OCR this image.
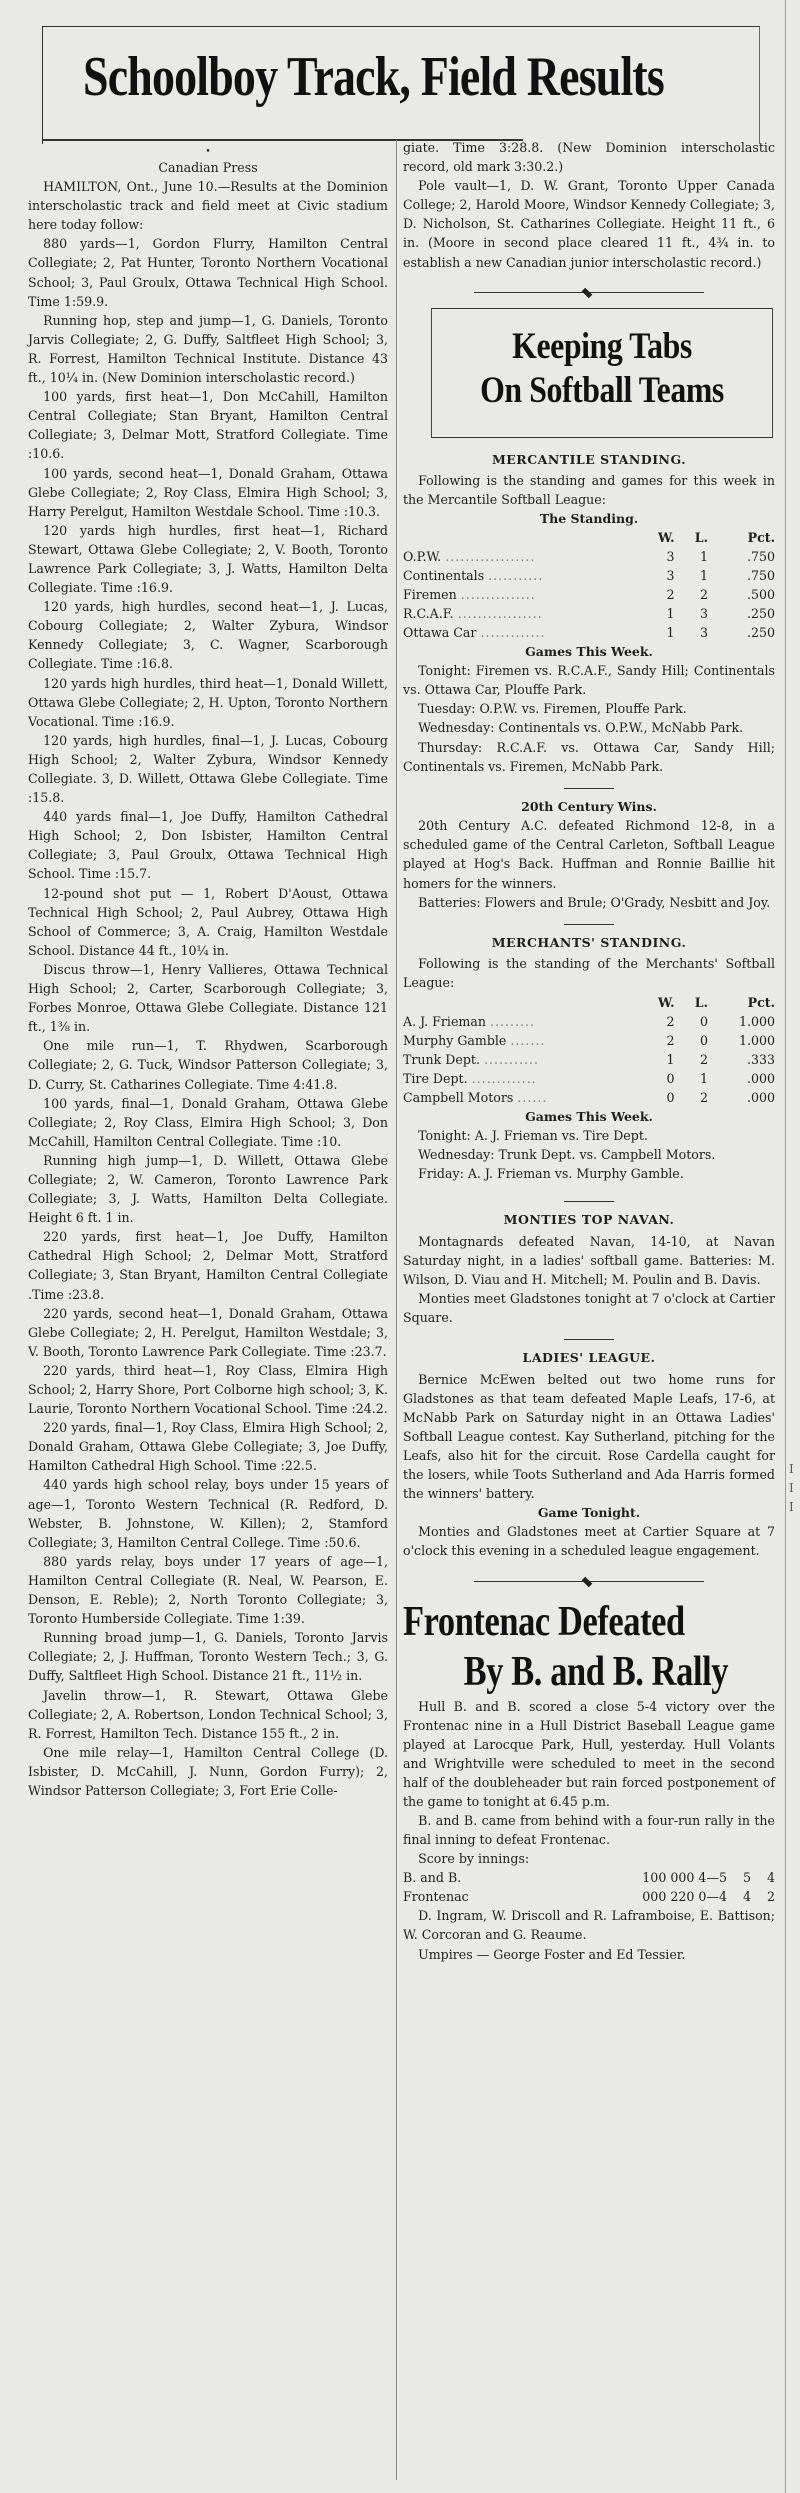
Schoolboy Track, Field Results
•

Canadian Press

HAMILTON, Ont., June 10.—Results at the Dominion interscholastic track and field meet at Civic stadium here today follow:

880 yards—1, Gordon Flurry, Hamilton Central Collegiate; 2, Pat Hunter, Toronto Northern Vocational School; 3, Paul Groulx, Ottawa Technical High School. Time 1:59.9.

Running hop, step and jump—1, G. Daniels, Toronto Jarvis Collegiate; 2, G. Duffy, Saltfleet High School; 3, R. Forrest, Hamilton Technical Institute. Distance 43 ft., 10¼ in. (New Dominion interscholastic record.)

100 yards, first heat—1, Don McCahill, Hamilton Central Collegiate; Stan Bryant, Hamilton Central Collegiate; 3, Delmar Mott, Stratford Collegiate. Time :10.6.

100 yards, second heat—1, Donald Graham, Ottawa Glebe Collegiate; 2, Roy Class, Elmira High School; 3, Harry Perelgut, Hamilton Westdale School. Time :10.3.

120 yards high hurdles, first heat—1, Richard Stewart, Ottawa Glebe Collegiate; 2, V. Booth, Toronto Lawrence Park Collegiate; 3, J. Watts, Hamilton Delta Collegiate. Time :16.9.

120 yards, high hurdles, second heat—1, J. Lucas, Cobourg Collegiate; 2, Walter Zybura, Windsor Kennedy Collegiate; 3, C. Wagner, Scarborough Collegiate. Time :16.8.

120 yards high hurdles, third heat—1, Donald Willett, Ottawa Glebe Collegiate; 2, H. Upton, Toronto Northern Vocational. Time :16.9.

120 yards, high hurdles, final—1, J. Lucas, Cobourg High School; 2, Walter Zybura, Windsor Kennedy Collegiate. 3, D. Willett, Ottawa Glebe Collegiate. Time :15.8.

440 yards final—1, Joe Duffy, Hamilton Cathedral High School; 2, Don Isbister, Hamilton Central Collegiate; 3, Paul Groulx, Ottawa Technical High School. Time :15.7.

12-pound shot put — 1, Robert D'Aoust, Ottawa Technical High School; 2, Paul Aubrey, Ottawa High School of Commerce; 3, A. Craig, Hamilton Westdale School. Distance 44 ft., 10¼ in.

Discus throw—1, Henry Vallieres, Ottawa Technical High School; 2, Carter, Scarborough Collegiate; 3, Forbes Monroe, Ottawa Glebe Collegiate. Distance 121 ft., 1⅜ in.

One mile run—1, T. Rhydwen, Scarborough Collegiate; 2, G. Tuck, Windsor Patterson Collegiate; 3, D. Curry, St. Catharines Collegiate. Time 4:41.8.

100 yards, final—1, Donald Graham, Ottawa Glebe Collegiate; 2, Roy Class, Elmira High School; 3, Don McCahill, Hamilton Central Collegiate. Time :10.

Running high jump—1, D. Willett, Ottawa Glebe Collegiate; 2, W. Cameron, Toronto Lawrence Park Collegiate; 3, J. Watts, Hamilton Delta Collegiate. Height 6 ft. 1 in.

220 yards, first heat—1, Joe Duffy, Hamilton Cathedral High School; 2, Delmar Mott, Stratford Collegiate; 3, Stan Bryant, Hamilton Central Collegiate .Time :23.8.

220 yards, second heat—1, Donald Graham, Ottawa Glebe Collegiate; 2, H. Perelgut, Hamilton Westdale; 3, V. Booth, Toronto Lawrence Park Collegiate. Time :23.7.

220 yards, third heat—1, Roy Class, Elmira High School; 2, Harry Shore, Port Colborne high school; 3, K. Laurie, Toronto Northern Vocational School. Time :24.2.

220 yards, final—1, Roy Class, Elmira High School; 2, Donald Graham, Ottawa Glebe Collegiate; 3, Joe Duffy, Hamilton Cathedral High School. Time :22.5.

440 yards high school relay, boys under 15 years of age—1, Toronto Western Technical (R. Redford, D. Webster, B. Johnstone, W. Killen); 2, Stamford Collegiate; 3, Hamilton Central College. Time :50.6.

880 yards relay, boys under 17 years of age—1, Hamilton Central Collegiate (R. Neal, W. Pearson, E. Denson, E. Reble); 2, North Toronto Collegiate; 3, Toronto Humberside Collegiate. Time 1:39.

Running broad jump—1, G. Daniels, Toronto Jarvis Collegiate; 2, J. Huffman, Toronto Western Tech.; 3, G. Duffy, Saltfleet High School. Distance 21 ft., 11½ in.

Javelin throw—1, R. Stewart, Ottawa Glebe Collegiate; 2, A. Robertson, London Technical School; 3, R. Forrest, Hamilton Tech. Distance 155 ft., 2 in.

One mile relay—1, Hamilton Central College (D. Isbister, D. McCahill, J. Nunn, Gordon Furry); 2, Windsor Patterson Collegiate; 3, Fort Erie Colle-

giate. Time 3:28.8. (New Dominion interscholastic record, old mark 3:30.2.)

Pole vault—1, D. W. Grant, Toronto Upper Canada College; 2, Harold Moore, Windsor Kennedy Collegiate; 3, D. Nicholson, St. Catharines Collegiate. Height 11 ft., 6 in. (Moore in second place cleared 11 ft., 4¾ in. to establish a new Canadian junior interscholastic record.)

Keeping Tabs
On Softball Teams
MERCANTILE STANDING.

Following is the standing and games for this week in the Mercantile Softball League:

The Standing.
	W.	L.	Pct.
O.P.W. ..................	3	1	.750
Continentals ...........	3	1	.750
Firemen ...............	2	2	.500
R.C.A.F. .................	1	3	.250
Ottawa Car .............	1	3	.250
Games This Week.

Tonight: Firemen vs. R.C.A.F., Sandy Hill; Continentals vs. Ottawa Car, Plouffe Park.

Tuesday: O.P.W. vs. Firemen, Plouffe Park.

Wednesday: Continentals vs. O.P.W., McNabb Park.

Thursday: R.C.A.F. vs. Ottawa Car, Sandy Hill; Continentals vs. Firemen, McNabb Park.

20th Century Wins.

20th Century A.C. defeated Richmond 12-8, in a scheduled game of the Central Carleton, Softball League played at Hog's Back. Huffman and Ronnie Baillie hit homers for the winners.

Batteries: Flowers and Brule; O'Grady, Nesbitt and Joy.

MERCHANTS' STANDING.

Following is the standing of the Merchants' Softball League:

	W.	L.	Pct.
A. J. Frieman .........	2	0	1.000
Murphy Gamble .......	2	0	1.000
Trunk Dept. ...........	1	2	.333
Tire Dept. .............	0	1	.000
Campbell Motors ......	0	2	.000
Games This Week.

Tonight: A. J. Frieman vs. Tire Dept.

Wednesday: Trunk Dept. vs. Campbell Motors.

Friday: A. J. Frieman vs. Murphy Gamble.

MONTIES TOP NAVAN.

Montagnards defeated Navan, 14-10, at Navan Saturday night, in a ladies' softball game. Batteries: M. Wilson, D. Viau and H. Mitchell; M. Poulin and B. Davis.

Monties meet Gladstones tonight at 7 o'clock at Cartier Square.

LADIES' LEAGUE.

Bernice McEwen belted out two home runs for Gladstones as that team defeated Maple Leafs, 17-6, at McNabb Park on Saturday night in an Ottawa Ladies' Softball League contest. Kay Sutherland, pitching for the Leafs, also hit for the circuit. Rose Cardella caught for the losers, while Toots Sutherland and Ada Harris formed the winners' battery.

Game Tonight.

Monties and Gladstones meet at Cartier Square at 7 o'clock this evening in a scheduled league engagement.

Frontenac Defeated
By B. and B. Rally

Hull B. and B. scored a close 5-4 victory over the Frontenac nine in a Hull District Baseball League game played at Larocque Park, Hull, yesterday. Hull Volants and Wrightville were scheduled to meet in the second half of the doubleheader but rain forced postponement of the game to tonight at 6.45 p.m.

B. and B. came from behind with a four-run rally in the final inning to defeat Frontenac.

Score by innings:

B. and B.	100 000 4—5	5	4
Frontenac	000 220 0—4	4	2

D. Ingram, W. Driscoll and R. Laframboise, E. Battison; W. Corcoran and G. Reaume.

Umpires — George Foster and Ed Tessier.

I
I
I
